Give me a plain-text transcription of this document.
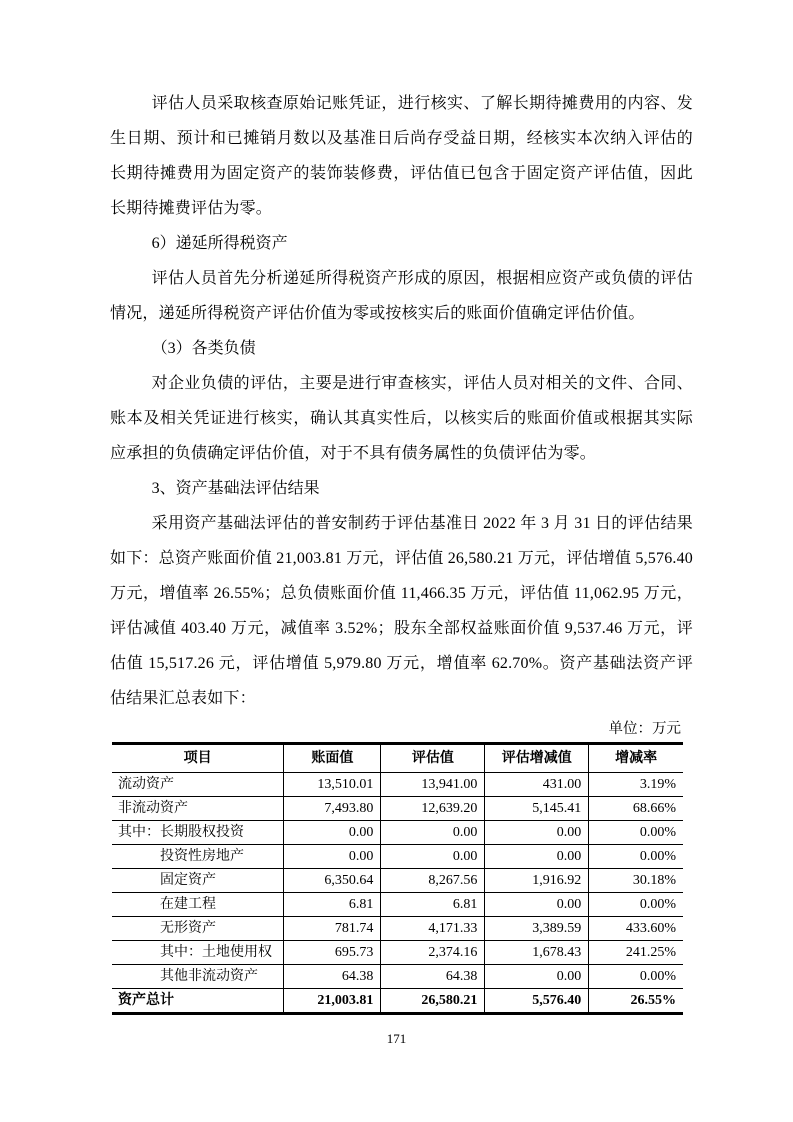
评估人员采取核查原始记账凭证，进行核实、了解长期待摊费用的内容、发生日期、预计和已摊销月数以及基准日后尚存受益日期，经核实本次纳入评估的长期待摊费用为固定资产的装饰装修费，评估值已包含于固定资产评估值，因此长期待摊费评估为零。

6）递延所得税资产

评估人员首先分析递延所得税资产形成的原因，根据相应资产或负债的评估情况，递延所得税资产评估价值为零或按核实后的账面价值确定评估价值。

（3）各类负债

对企业负债的评估，主要是进行审查核实，评估人员对相关的文件、合同、账本及相关凭证进行核实，确认其真实性后，以核实后的账面价值或根据其实际应承担的负债确定评估价值，对于不具有债务属性的负债评估为零。

3、资产基础法评估结果

采用资产基础法评估的普安制药于评估基准日 2022 年 3 月 31 日的评估结果如下：总资产账面价值 21,003.81 万元，评估值 26,580.21 万元，评估增值 5,576.40 万元，增值率 26.55%；总负债账面价值 11,466.35 万元，评估值 11,062.95 万元，评估减值 403.40 万元，减值率 3.52%；股东全部权益账面价值 9,537.46 万元，评估值 15,517.26 元，评估增值 5,979.80 万元，增值率 62.70%。资产基础法资产评估结果汇总表如下：

单位：万元
项目	账面值	评估值	评估增减值	增减率
流动资产	13,510.01	13,941.00	431.00	3.19%
非流动资产	7,493.80	12,639.20	5,145.41	68.66%
其中：长期股权投资	0.00	0.00	0.00	0.00%
投资性房地产	0.00	0.00	0.00	0.00%
固定资产	6,350.64	8,267.56	1,916.92	30.18%
在建工程	6.81	6.81	0.00	0.00%
无形资产	781.74	4,171.33	3,389.59	433.60%
其中：土地使用权	695.73	2,374.16	1,678.43	241.25%
其他非流动资产	64.38	64.38	0.00	0.00%
资产总计	21,003.81	26,580.21	5,576.40	26.55%
171
